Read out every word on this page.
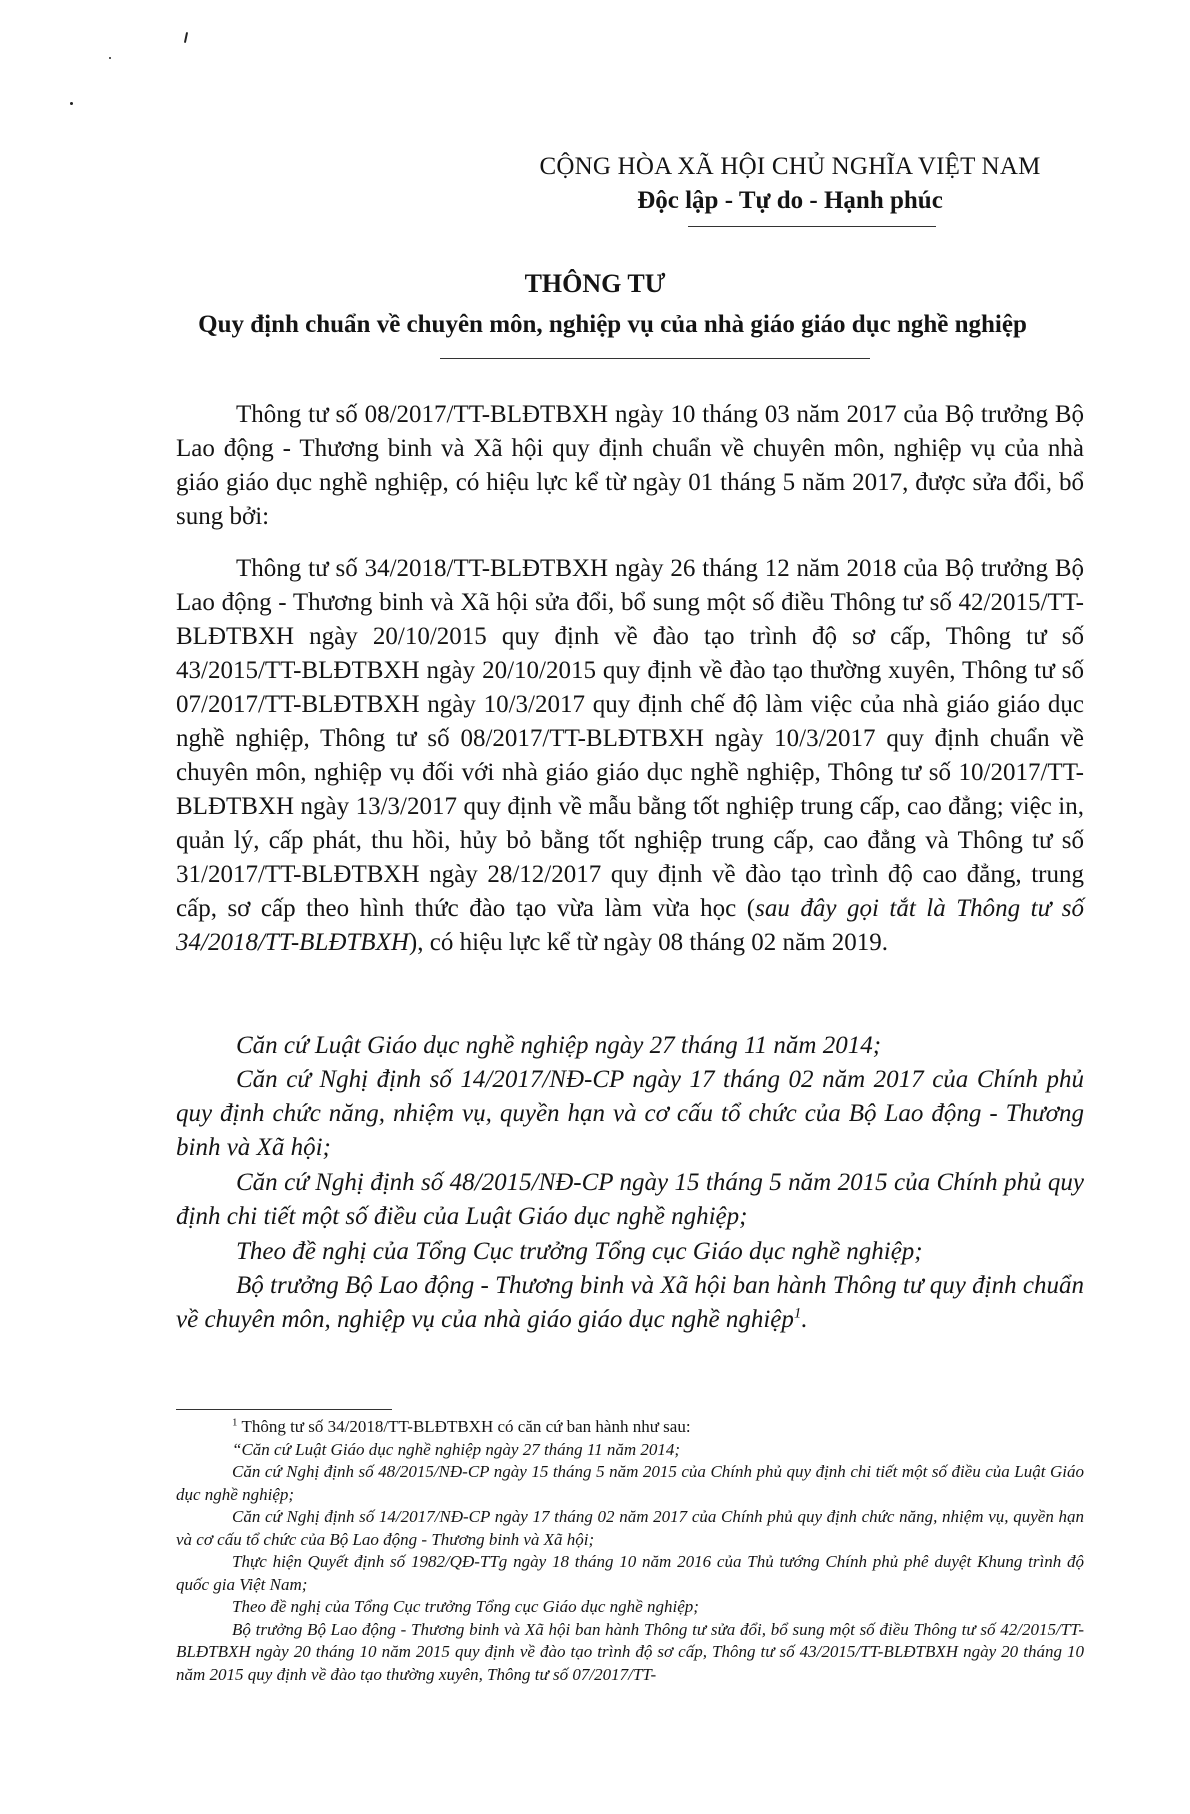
CỘNG HÒA XÃ HỘI CHỦ NGHĨA VIỆT NAM
Độc lập - Tự do - Hạnh phúc
THÔNG TƯ
Quy định chuẩn về chuyên môn, nghiệp vụ của nhà giáo giáo dục nghề nghiệp

Thông tư số 08/2017/TT-BLĐTBXH ngày 10 tháng 03 năm 2017 của Bộ trưởng Bộ Lao động - Thương binh và Xã hội quy định chuẩn về chuyên môn, nghiệp vụ của nhà giáo giáo dục nghề nghiệp, có hiệu lực kể từ ngày 01 tháng 5 năm 2017, được sửa đổi, bổ sung bởi:

Thông tư số 34/2018/TT-BLĐTBXH ngày 26 tháng 12 năm 2018 của Bộ trưởng Bộ Lao động - Thương binh và Xã hội sửa đổi, bổ sung một số điều Thông tư số 42/2015/TT-BLĐTBXH ngày 20/10/2015 quy định về đào tạo trình độ sơ cấp, Thông tư số 43/2015/TT-BLĐTBXH ngày 20/10/2015 quy định về đào tạo thường xuyên, Thông tư số 07/2017/TT-BLĐTBXH ngày 10/3/2017 quy định chế độ làm việc của nhà giáo giáo dục nghề nghiệp, Thông tư số 08/2017/TT-BLĐTBXH ngày 10/3/2017 quy định chuẩn về chuyên môn, nghiệp vụ đối với nhà giáo giáo dục nghề nghiệp, Thông tư số 10/2017/TT-BLĐTBXH ngày 13/3/2017 quy định về mẫu bằng tốt nghiệp trung cấp, cao đẳng; việc in, quản lý, cấp phát, thu hồi, hủy bỏ bằng tốt nghiệp trung cấp, cao đẳng và Thông tư số 31/2017/TT-BLĐTBXH ngày 28/12/2017 quy định về đào tạo trình độ cao đẳng, trung cấp, sơ cấp theo hình thức đào tạo vừa làm vừa học (sau đây gọi tắt là Thông tư số 34/2018/TT-BLĐTBXH), có hiệu lực kể từ ngày 08 tháng 02 năm 2019.

Căn cứ Luật Giáo dục nghề nghiệp ngày 27 tháng 11 năm 2014;

Căn cứ Nghị định số 14/2017/NĐ-CP ngày 17 tháng 02 năm 2017 của Chính phủ quy định chức năng, nhiệm vụ, quyền hạn và cơ cấu tổ chức của Bộ Lao động - Thương binh và Xã hội;

Căn cứ Nghị định số 48/2015/NĐ-CP ngày 15 tháng 5 năm 2015 của Chính phủ quy định chi tiết một số điều của Luật Giáo dục nghề nghiệp;

Theo đề nghị của Tổng Cục trưởng Tổng cục Giáo dục nghề nghiệp;

Bộ trưởng Bộ Lao động - Thương binh và Xã hội ban hành Thông tư quy định chuẩn về chuyên môn, nghiệp vụ của nhà giáo giáo dục nghề nghiệp$^1$.

$^1$ Thông tư số 34/2018/TT-BLĐTBXH có căn cứ ban hành như sau:

“Căn cứ Luật Giáo dục nghề nghiệp ngày 27 tháng 11 năm 2014;

Căn cứ Nghị định số 48/2015/NĐ-CP ngày 15 tháng 5 năm 2015 của Chính phủ quy định chi tiết một số điều của Luật Giáo dục nghề nghiệp;

Căn cứ Nghị định số 14/2017/NĐ-CP ngày 17 tháng 02 năm 2017 của Chính phủ quy định chức năng, nhiệm vụ, quyền hạn và cơ cấu tổ chức của Bộ Lao động - Thương binh và Xã hội;

Thực hiện Quyết định số 1982/QĐ-TTg ngày 18 tháng 10 năm 2016 của Thủ tướng Chính phủ phê duyệt Khung trình độ quốc gia Việt Nam;

Theo đề nghị của Tổng Cục trưởng Tổng cục Giáo dục nghề nghiệp;

Bộ trưởng Bộ Lao động - Thương binh và Xã hội ban hành Thông tư sửa đổi, bổ sung một số điều Thông tư số 42/2015/TT-BLĐTBXH ngày 20 tháng 10 năm 2015 quy định về đào tạo trình độ sơ cấp, Thông tư số 43/2015/TT-BLĐTBXH ngày 20 tháng 10 năm 2015 quy định về đào tạo thường xuyên, Thông tư số 07/2017/TT-
